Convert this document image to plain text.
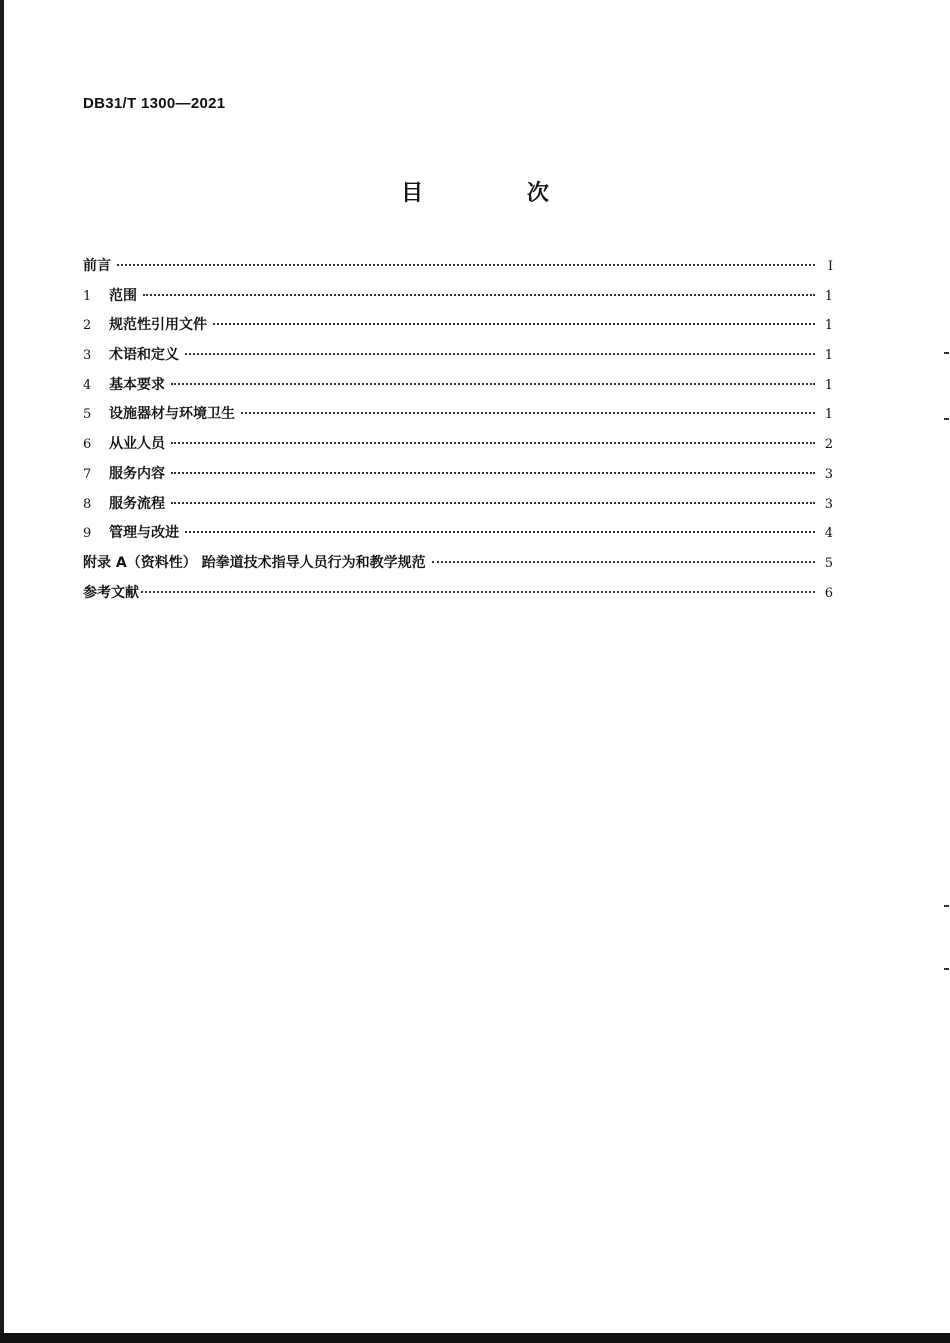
DB31/T 1300—2021
目 次
前言	I
1	范围	1
2	规范性引用文件	1
3	术语和定义	1
4	基本要求	1
5	设施器材与环境卫生	1
6	从业人员	2
7	服务内容	3
8	服务流程	3
9	管理与改进	4
附录 A（资料性） 跆拳道技术指导人员行为和教学规范	5
参考文献	6
